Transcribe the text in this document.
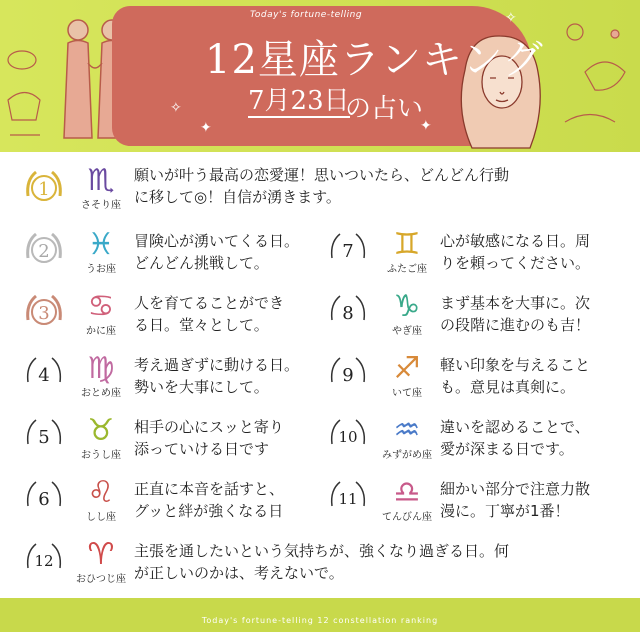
✦
✦
✧
✧
Today's fortune-telling
12星座ランキング
7月23日
の占い
1 ♏
さそり座
願いが叶う最高の恋愛運！思いついたら、どんどん行動
に移して◎！自信が湧きます。
2 ♓
うお座
冒険心が湧いてくる日。
どんどん挑戦して。
3 ♋
かに座
人を育てることができ
る日。堂々として。
4 ♍
おとめ座
考え過ぎずに動ける日。
勢いを大事にして。
5 ♉
おうし座
相手の心にスッと寄り
添っていける日です
6 ♌
しし座
正直に本音を話すと、
グッと絆が強くなる日
7 ♊
ふたご座
心が敏感になる日。周
りを頼ってください。
8 ♑
やぎ座
まず基本を大事に。次
の段階に進むのも吉！
9 ♐
いて座
軽い印象を与えること
も。意見は真剣に。
10 ♒
みずがめ座
違いを認めることで、
愛が深まる日です。
11 ♎
てんびん座
細かい部分で注意力散
漫に。丁寧が1番！
12 ♈
おひつじ座
主張を通したいという気持ちが、強くなり過ぎる日。何
が正しいのかは、考えないで。
Today's fortune-telling 12 constellation ranking
